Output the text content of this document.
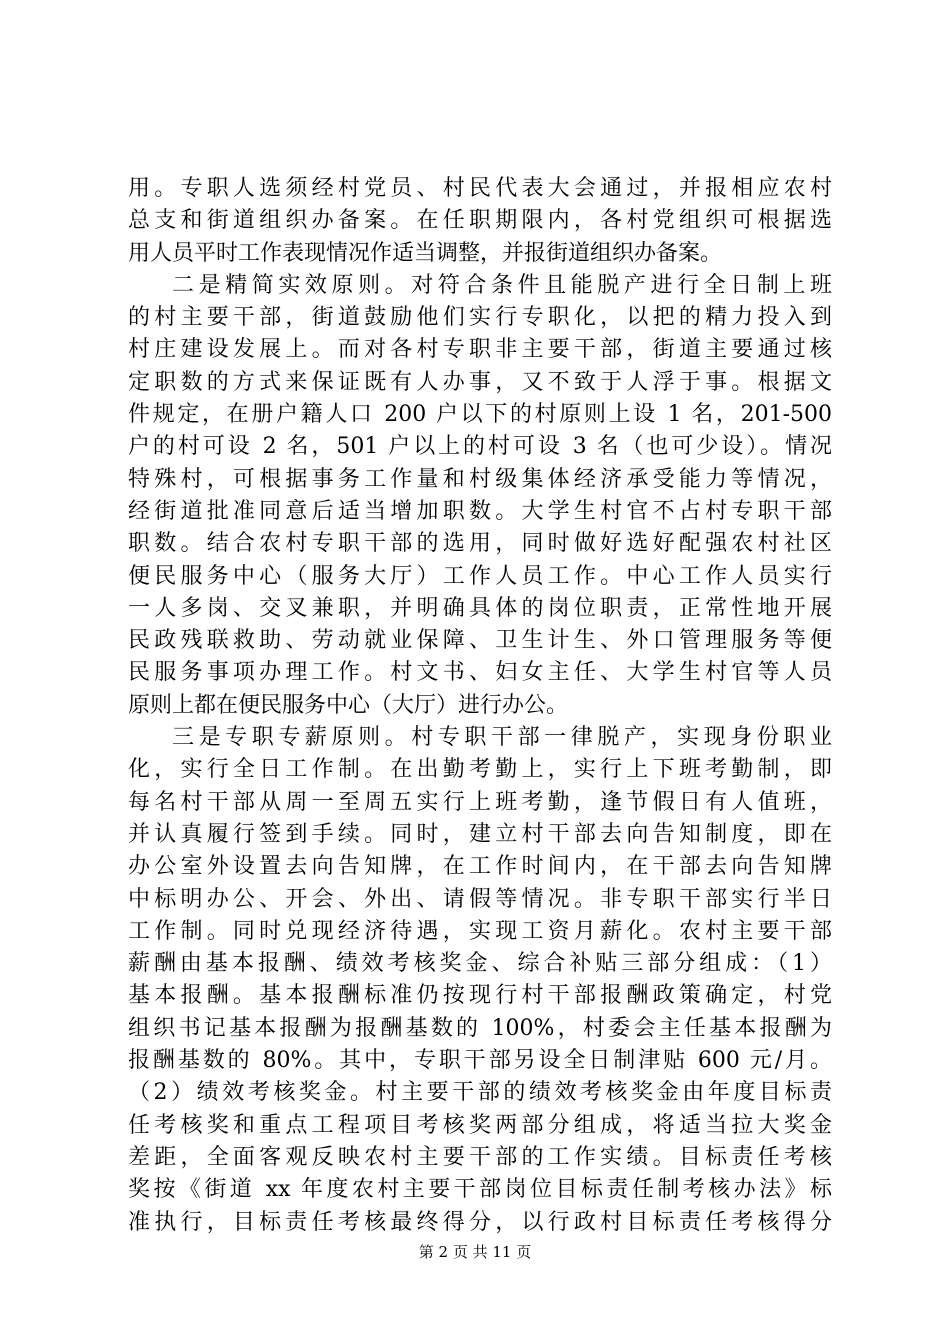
用。专职人选须经村党员、村民代表大会通过，并报相应农村
总支和街道组织办备案。在任职期限内，各村党组织可根据选
用人员平时工作表现情况作适当调整，并报街道组织办备案。
二是精简实效原则。对符合条件且能脱产进行全日制上班
的村主要干部，街道鼓励他们实行专职化，以把的精力投入到
村庄建设发展上。而对各村专职非主要干部，街道主要通过核
定职数的方式来保证既有人办事，又不致于人浮于事。根据文
件规定，在册户籍人口 200 户以下的村原则上设 1 名，201-500
户的村可设 2 名，501 户以上的村可设 3 名（也可少设）。情况
特殊村，可根据事务工作量和村级集体经济承受能力等情况，
经街道批准同意后适当增加职数。大学生村官不占村专职干部
职数。结合农村专职干部的选用，同时做好选好配强农村社区
便民服务中心（服务大厅）工作人员工作。中心工作人员实行
一人多岗、交叉兼职，并明确具体的岗位职责，正常性地开展
民政残联救助、劳动就业保障、卫生计生、外口管理服务等便
民服务事项办理工作。村文书、妇女主任、大学生村官等人员
原则上都在便民服务中心（大厅）进行办公。
三是专职专薪原则。村专职干部一律脱产，实现身份职业
化，实行全日工作制。在出勤考勤上，实行上下班考勤制，即
每名村干部从周一至周五实行上班考勤，逢节假日有人值班，
并认真履行签到手续。同时，建立村干部去向告知制度，即在
办公室外设置去向告知牌，在工作时间内，在干部去向告知牌
中标明办公、开会、外出、请假等情况。非专职干部实行半日
工作制。同时兑现经济待遇，实现工资月薪化。农村主要干部
薪酬由基本报酬、绩效考核奖金、综合补贴三部分组成：（1）
基本报酬。基本报酬标准仍按现行村干部报酬政策确定，村党
组织书记基本报酬为报酬基数的 100%，村委会主任基本报酬为
报酬基数的 80%。其中，专职干部另设全日制津贴 600 元/月。
（2）绩效考核奖金。村主要干部的绩效考核奖金由年度目标责
任考核奖和重点工程项目考核奖两部分组成，将适当拉大奖金
差距，全面客观反映农村主要干部的工作实绩。目标责任考核
奖按《街道 xx 年度农村主要干部岗位目标责任制考核办法》标
准执行，目标责任考核最终得分，以行政村目标责任考核得分
第 2 页 共 11 页
